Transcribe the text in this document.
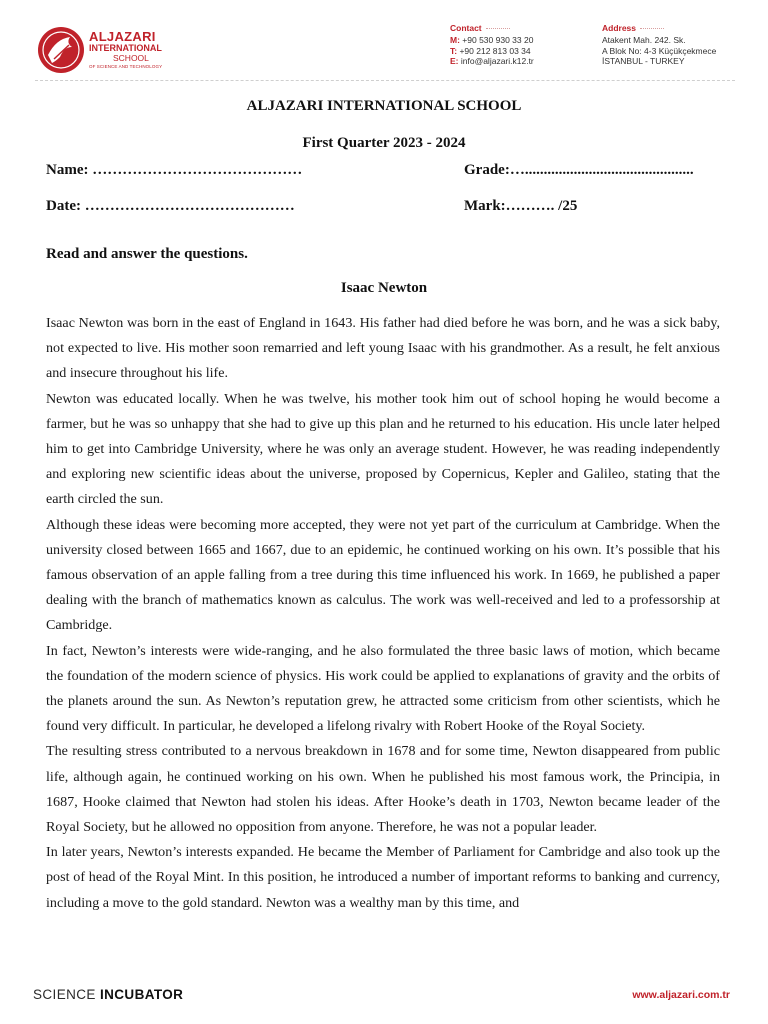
ALJAZARI
INTERNATIONAL
SCHOOL
OF SCIENCE AND TECHNOLOGY
Contact
M: +90 530 930 33 20
T: +90 212 813 03 34
E: info@aljazari.k12.tr
Address
Atakent Mah. 242. Sk.
A Blok No: 4-3 Küçükçekmece
İSTANBUL - TURKEY
ALJAZARI INTERNATIONAL SCHOOL
First Quarter 2023 - 2024
Name: ……………………………………	Grade:….............................................
Date: ……………………………………	Mark:………. /25
Read and answer the questions.
Isaac Newton

Isaac Newton was born in the east of England in 1643. His father had died before he was born, and he was a sick baby, not expected to live. His mother soon remarried and left young Isaac with his grandmother. As a result, he felt anxious and insecure throughout his life.

Newton was educated locally. When he was twelve, his mother took him out of school hoping he would become a farmer, but he was so unhappy that she had to give up this plan and he returned to his education. His uncle later helped him to get into Cambridge University, where he was only an average student. However, he was reading independently and exploring new scientific ideas about the universe, proposed by Copernicus, Kepler and Galileo, stating that the earth circled the sun.

Although these ideas were becoming more accepted, they were not yet part of the curriculum at Cambridge. When the university closed between 1665 and 1667, due to an epidemic, he continued working on his own. It’s possible that his famous observation of an apple falling from a tree during this time influenced his work. In 1669, he published a paper dealing with the branch of mathematics known as calculus. The work was well-received and led to a professorship at Cambridge.

In fact, Newton’s interests were wide-ranging, and he also formulated the three basic laws of motion, which became the foundation of the modern science of physics. His work could be applied to explanations of gravity and the orbits of the planets around the sun. As Newton’s reputation grew, he attracted some criticism from other scientists, which he found very difficult. In particular, he developed a lifelong rivalry with Robert Hooke of the Royal Society.

The resulting stress contributed to a nervous breakdown in 1678 and for some time, Newton disappeared from public life, although again, he continued working on his own. When he published his most famous work, the Principia, in 1687, Hooke claimed that Newton had stolen his ideas. After Hooke’s death in 1703, Newton became leader of the Royal Society, but he allowed no opposition from anyone. Therefore, he was not a popular leader.

In later years, Newton’s interests expanded. He became the Member of Parliament for Cambridge and also took up the post of head of the Royal Mint. In this position, he introduced a number of important reforms to banking and currency, including a move to the gold standard. Newton was a wealthy man by this time, and

SCIENCE INCUBATOR	www.aljazari.com.tr
